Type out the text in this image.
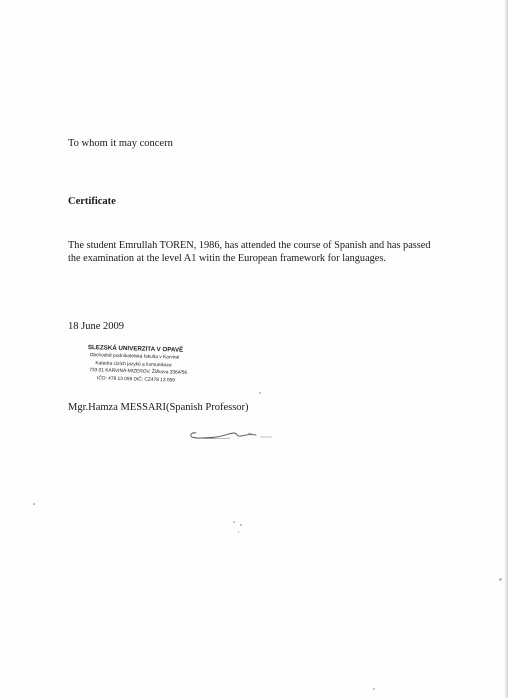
To whom it may concern
Certificate
The student Emrullah TOREN, 1986, has attended the course of Spanish and has passed the examination at the level A1 witin the European framework for languages.
18 June 2009
SLEZSKÁ UNIVERZITA V OPAVĚ
Obchodně podnikatelská fakulta v Karviné
Katedra cizích jazyků a komunikace
733 01 KARVINÁ-MIZEROV, Žižkova 3364/56
IČO: 478 13 059 DIČ: CZ478 13 059
Mgr.Hamza MESSARI(Spanish Professor)
